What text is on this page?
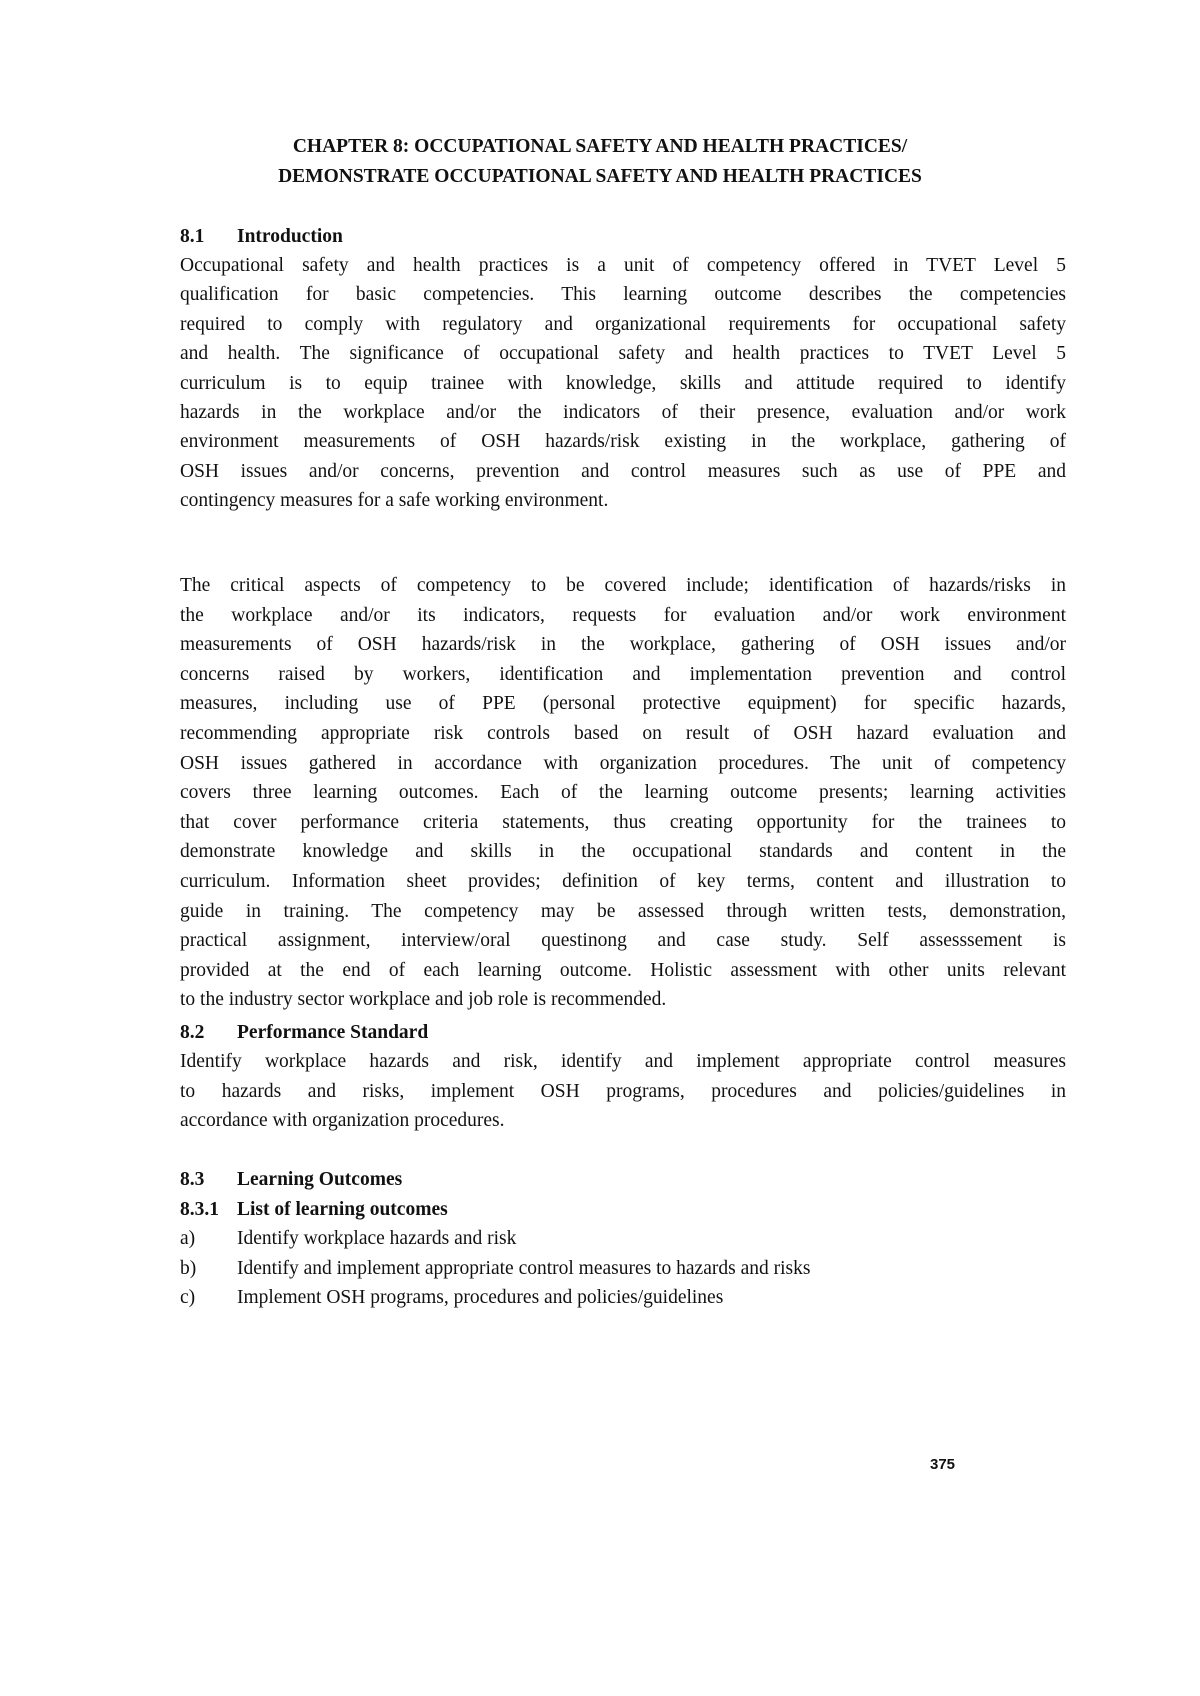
CHAPTER 8: OCCUPATIONAL SAFETY AND HEALTH PRACTICES/
DEMONSTRATE OCCUPATIONAL SAFETY AND HEALTH PRACTICES
8.1 Introduction
Occupational safety and health practices is a unit of competency offered in TVET Level 5
qualification for basic competencies. This learning outcome describes the competencies
required to comply with regulatory and organizational requirements for occupational safety
and health. The significance of occupational safety and health practices to TVET Level 5
curriculum is to equip trainee with knowledge, skills and attitude required to identify
hazards in the workplace and/or the indicators of their presence, evaluation and/or work
environment measurements of OSH hazards/risk existing in the workplace, gathering of
OSH issues and/or concerns, prevention and control measures such as use of PPE and
contingency measures for a safe working environment.
The critical aspects of competency to be covered include; identification of hazards/risks in
the workplace and/or its indicators, requests for evaluation and/or work environment
measurements of OSH hazards/risk in the workplace, gathering of OSH issues and/or
concerns raised by workers, identification and implementation prevention and control
measures, including use of PPE (personal protective equipment) for specific hazards,
recommending appropriate risk controls based on result of OSH hazard evaluation and
OSH issues gathered in accordance with organization procedures. The unit of competency
covers three learning outcomes. Each of the learning outcome presents; learning activities
that cover performance criteria statements, thus creating opportunity for the trainees to
demonstrate knowledge and skills in the occupational standards and content in the
curriculum. Information sheet provides; definition of key terms, content and illustration to
guide in training. The competency may be assessed through written tests, demonstration,
practical assignment, interview/oral questinong and case study. Self assesssement is
provided at the end of each learning outcome. Holistic assessment with other units relevant
to the industry sector workplace and job role is recommended.
8.2 Performance Standard
Identify workplace hazards and risk, identify and implement appropriate control measures
to hazards and risks, implement OSH programs, procedures and policies/guidelines in
accordance with organization procedures.
8.3 Learning Outcomes
8.3.1 List of learning outcomes
a) Identify workplace hazards and risk
b) Identify and implement appropriate control measures to hazards and risks
c) Implement OSH programs, procedures and policies/guidelines
375
